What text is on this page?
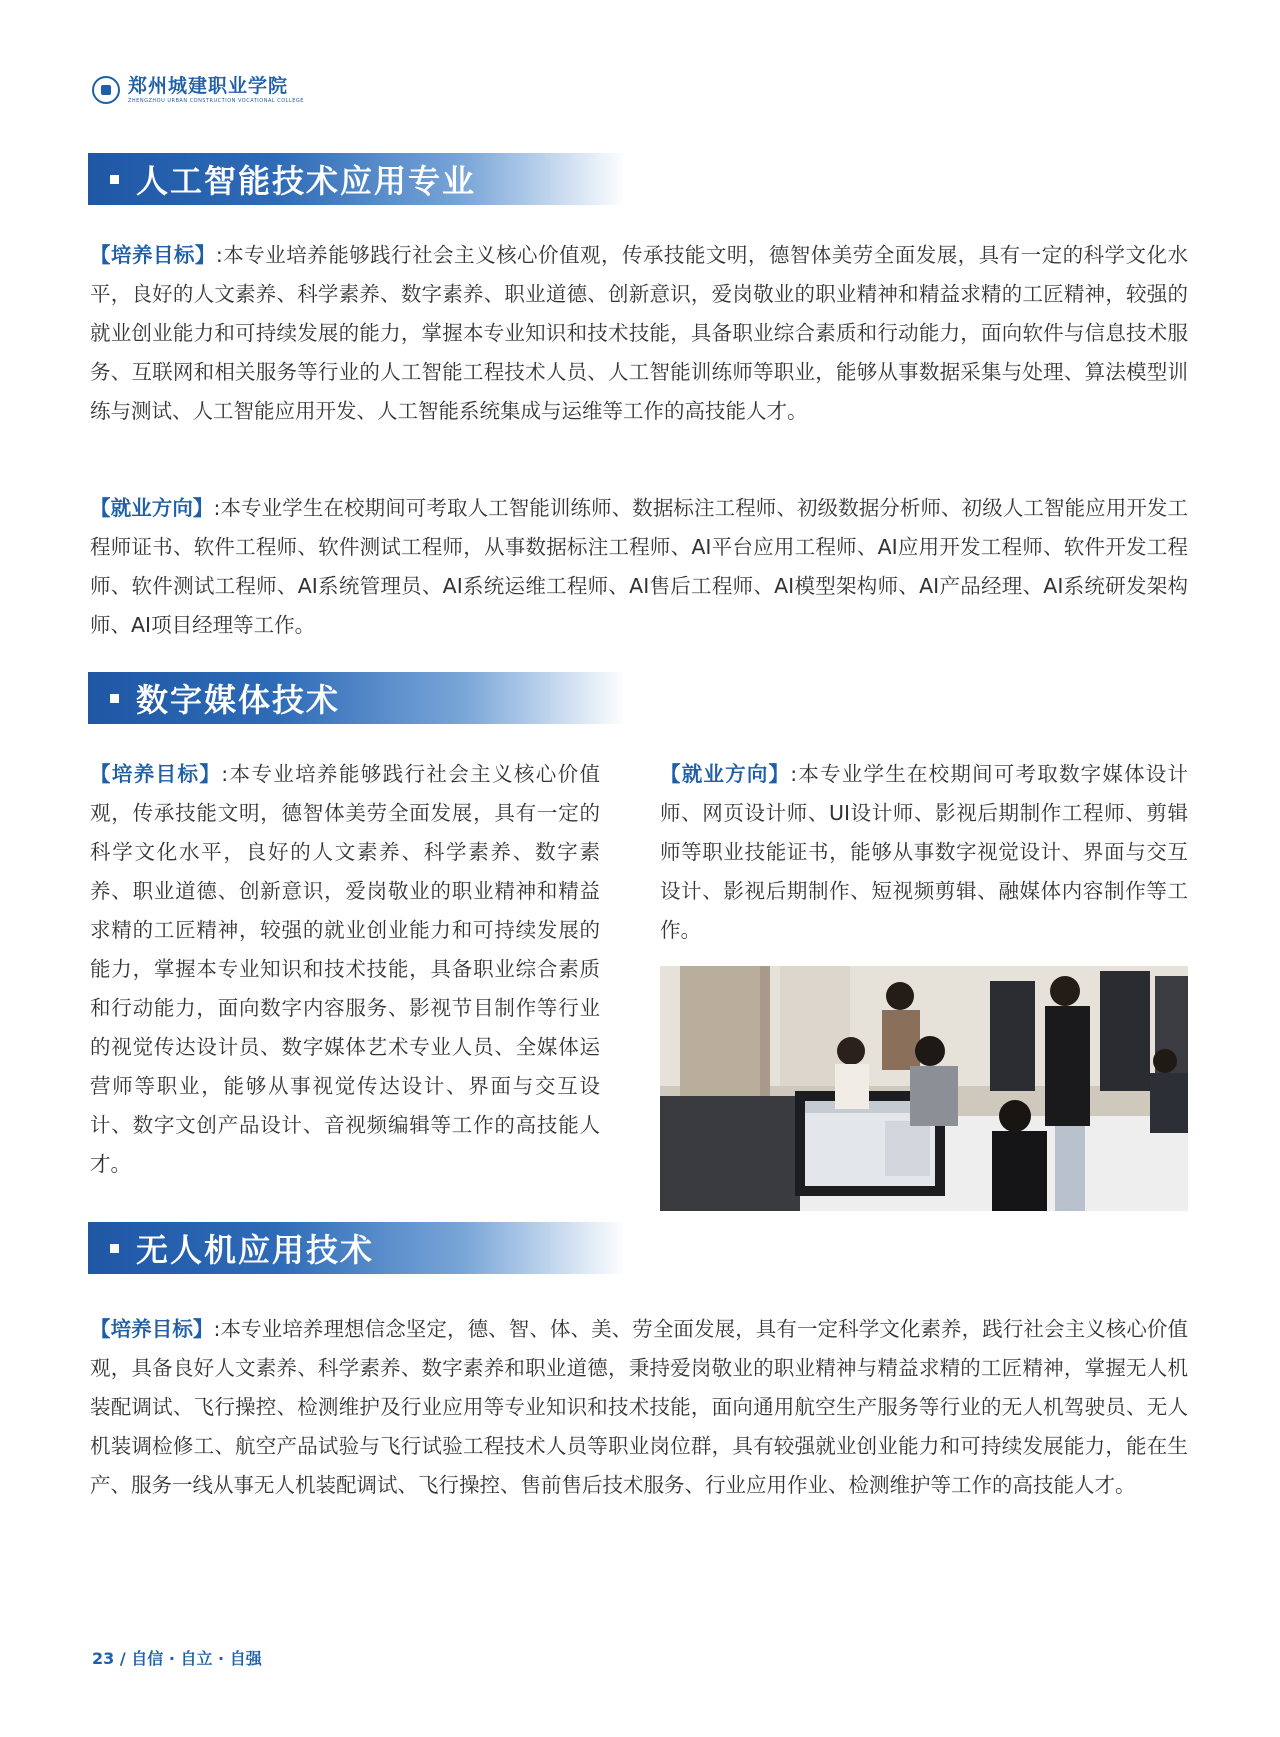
郑州城建职业学院
ZHENGZHOU URBAN CONSTRUCTION VOCATIONAL COLLEGE
人工智能技术应用专业

【培养目标】:本专业培养能够践行社会主义核心价值观，传承技能文明，德智体美劳全面发展，具有一定的科学文化水平，良好的人文素养、科学素养、数字素养、职业道德、创新意识，爱岗敬业的职业精神和精益求精的工匠精神，较强的就业创业能力和可持续发展的能力，掌握本专业知识和技术技能，具备职业综合素质和行动能力，面向软件与信息技术服务、互联网和相关服务等行业的人工智能工程技术人员、人工智能训练师等职业，能够从事数据采集与处理、算法模型训练与测试、人工智能应用开发、人工智能系统集成与运维等工作的高技能人才。

【就业方向】:本专业学生在校期间可考取人工智能训练师、数据标注工程师、初级数据分析师、初级人工智能应用开发工程师证书、软件工程师、软件测试工程师，从事数据标注工程师、AI平台应用工程师、AI应用开发工程师、软件开发工程师、软件测试工程师、AI系统管理员、AI系统运维工程师、AI售后工程师、AI模型架构师、AI产品经理、AI系统研发架构师、AI项目经理等工作。

数字媒体技术

【培养目标】:本专业培养能够践行社会主义核心价值观，传承技能文明，德智体美劳全面发展，具有一定的科学文化水平，良好的人文素养、科学素养、数字素养、职业道德、创新意识，爱岗敬业的职业精神和精益求精的工匠精神，较强的就业创业能力和可持续发展的能力，掌握本专业知识和技术技能，具备职业综合素质和行动能力，面向数字内容服务、影视节目制作等行业的视觉传达设计员、数字媒体艺术专业人员、全媒体运营师等职业，能够从事视觉传达设计、界面与交互设计、数字文创产品设计、音视频编辑等工作的高技能人才。

【就业方向】:本专业学生在校期间可考取数字媒体设计师、网页设计师、UI设计师、影视后期制作工程师、剪辑师等职业技能证书，能够从事数字视觉设计、界面与交互设计、影视后期制作、短视频剪辑、融媒体内容制作等工作。

无人机应用技术

【培养目标】:本专业培养理想信念坚定，德、智、体、美、劳全面发展，具有一定科学文化素养，践行社会主义核心价值观，具备良好人文素养、科学素养、数字素养和职业道德，秉持爱岗敬业的职业精神与精益求精的工匠精神，掌握无人机装配调试、飞行操控、检测维护及行业应用等专业知识和技术技能，面向通用航空生产服务等行业的无人机驾驶员、无人机装调检修工、航空产品试验与飞行试验工程技术人员等职业岗位群，具有较强就业创业能力和可持续发展能力，能在生产、服务一线从事无人机装配调试、飞行操控、售前售后技术服务、行业应用作业、检测维护等工作的高技能人才。

23 / 自信 · 自立 · 自强
